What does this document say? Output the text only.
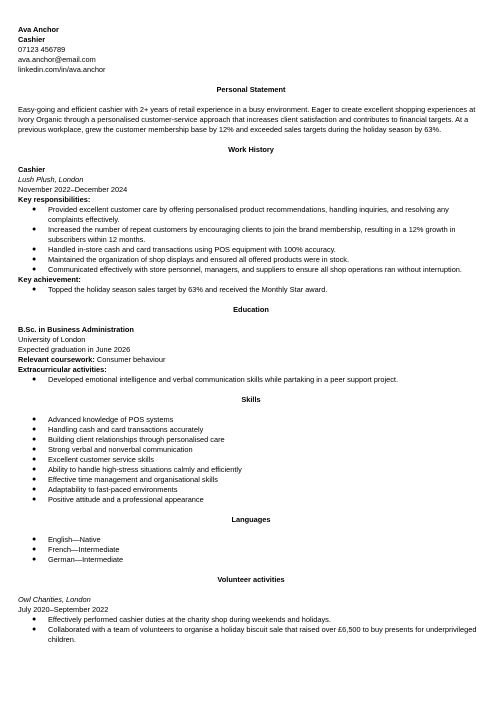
Ava Anchor
Cashier
07123 456789
ava.anchor@email.com
linkedin.com/in/ava.anchor
Personal Statement

Easy-going and efficient cashier with 2+ years of retail experience in a busy environment. Eager to create excellent shopping experiences at Ivory Organic through a personalised customer-service approach that increases client satisfaction and contributes to financial targets. At a previous workplace, grew the customer membership base by 12% and exceeded sales targets during the holiday season by 63%.

Work History
Cashier
Lush Plush, London
November 2022–December 2024
Key responsibilities:
● Provided excellent customer care by offering personalised product recommendations, handling inquiries, and resolving any complaints effectively.
● Increased the number of repeat customers by encouraging clients to join the brand membership, resulting in a 12% growth in subscribers within 12 months.
● Handled in-store cash and card transactions using POS equipment with 100% accuracy.
● Maintained the organization of shop displays and ensured all offered products were in stock.
● Communicated effectively with store personnel, managers, and suppliers to ensure all shop operations ran without interruption.
Key achievement:
● Topped the holiday season sales target by 63% and received the Monthly Star award.
Education
B.Sc. in Business Administration
University of London
Expected graduation in June 2026
Relevant coursework: Consumer behaviour
Extracurricular activities:
● Developed emotional intelligence and verbal communication skills while partaking in a peer support project.
Skills
● Advanced knowledge of POS systems
● Handling cash and card transactions accurately
● Building client relationships through personalised care
● Strong verbal and nonverbal communication
● Excellent customer service skills
● Ability to handle high-stress situations calmly and efficiently
● Effective time management and organisational skills
● Adaptability to fast-paced environments
● Positive attitude and a professional appearance
Languages
● English—Native
● French—Intermediate
● German—Intermediate
Volunteer activities
Owl Charities, London
July 2020–September 2022
● Effectively performed cashier duties at the charity shop during weekends and holidays.
● Collaborated with a team of volunteers to organise a holiday biscuit sale that raised over £6,500 to buy presents for underprivileged children.
